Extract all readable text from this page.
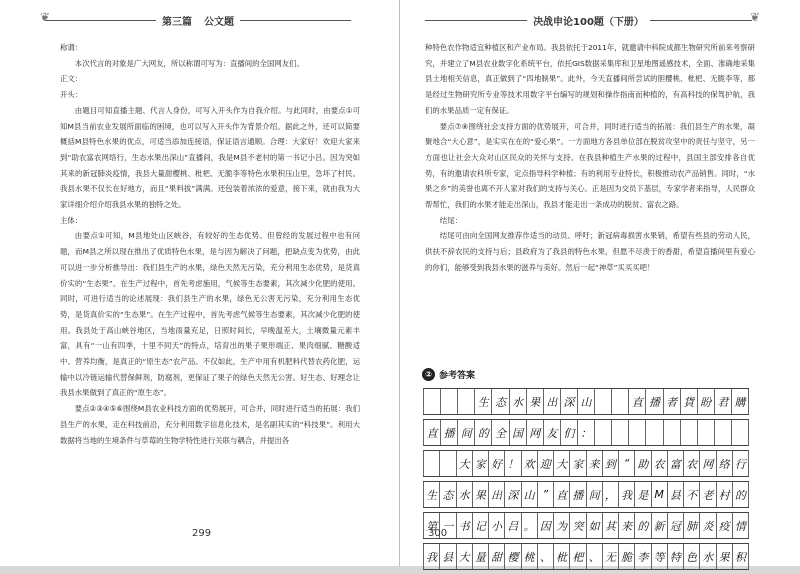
❦	第三篇	公文题

称谓：

本次代言的对象是广大网友，所以称谓可写为：直播间的全国网友们。

正文：

开头：

由题目可知直播主题、代言人身份，可写入开头作为自我介绍。与此同时，由要点①可知M县当前农业发展所面临的困境，也可以写入开头作为背景介绍。据此之外，还可以简要概括M县特色水果的优点，可适当添加连接语，保证语言通顺。合理：大家好！欢迎大家来到“助农富农网络行，生态水果出深山”直播间，我是M县不老村的第一书记小吕。因为突如其来的新冠肺炎疫情，我县大量甜樱桃、枇杷、无脆李等特色水果积压山里，急坏了村民。我县水果不仅长在好地方，而且“果料拔”满满。还包装着浓浓的爱意，接下来，就由我为大家详细介绍介绍我县水果的独特之处。

主体：

由要点①可知，M县地处山区峡谷，有较好的生态优势。但曾经的发展过程中也有问题，而M县之所以现在推出了优质特色水果，是与因为解决了问题，把缺点变为优势，由此可以进一步分析推导出：我们县生产的水果，绿色天然无污染，充分利用生态优势，是货真价实的“生态果”。在生产过程中，首先考虑施用，气候等生态要素，其次减少化肥的使用。同时，可进行适当的论述展现：我们县生产的水果，绿色无公害无污染，充分利用生态优势，是货真价实的“生态果”。在生产过程中，首先考虑气候等生态要素，其次减少化肥的使用。我县处于高山峡谷地区，当地雨量充足，日照时间长，早晚温差大，土壤微量元素丰富，具有“一山有四季，十里不同天”的特点，培育出的果子果形端正、果肉细腻、糖酸适中、营养均衡，是真正的“原生态”农产品。不仅如此，生产中用有机肥料代替农药化肥，运输中以冷链运输代替保鲜剂，防腐剂，更保证了果子的绿色天然无公害。好生态、好理念让我县水果做到了真正的“原生态”。

要点②③④⑤⑥围绕M县农业科技方面的优势展开，可合并，同时进行适当的拓展：我们县生产的水果，走在科技前沿，充分利用数字信息化技术，是名副其实的“科技果”。利用大数据将当地的生境条件与草莓的生物学特性进行关联与耦合，并提出各

299
决战申论100题（下册）	❦

种特色农作物适宜种植区和产业布局。我县依托于2011年，就邀请中科院成都生物研究所前来考察研究，并建立了M县农业数字化系统平台，依托GIS数据采集库和卫星地图遥感技术，全面、准确地采集县土地相关信息，真正做到了“四地制果”。此外，今天直播间所尝试的胆樱桃、枇杷、无脆李等，都是经过生物研究所专业等技术用数字平台编写的规划和操作指南而种植的，有高科技的保驾护航，我们的水果品质一定有保证。

要点⑦⑧围绕社会支持方面的优势展开，可合并，同时进行适当的拓展：我们县生产的水果，凝聚地合“大心意”，是实实在在的“爱心果”。一方面地方各县单位部在脱贫攻坚中的责任与坚守，另一方面也让社会大众对山区民众的关怀与支持。在我县种植生产水果的过程中，县国主部安排各自优势，有的邀请农科所专家，定点指导科学种植；有的利用专业特长，积极推动农产品销售。同时，“水果之乡”的美誉也离不开人家对我们的支持与关心。正是因为交员下基层，专家学者来指导，人民群众帮帮忙，我们的水果才能走出深山，我县才能走出一条成功的脱贫、富农之路。

结尾：

结尾可由向全国网友推荐作适当的动员、呼吁；新冠病毒损害水果销，希望有些县的劳动人民，供扶不辞农民的支持与后；县政府为了我县的特色水果，但愿不尽羡于的香甜，希望直播间里有爱心的你们，能够受到我县水果的滋养与美好。然后一起“神草”买买买吧！

② 参考答案
生 态 水 果 出 深 山	直 播 者 貨 盼 君 購
直 播 间 的 全 国 网 友 们 ：
大 家 好 ！ 欢 迎 大 家 来 到 “ 助 农 富 农 网 络 行
生 态 水 果 出 深 山 ” 直 播 间 ， 我 是 M 县 不 老 村 的
第 一 书 记 小 吕 。 因 为 突 如 其 来 的 新 冠 肺 炎 疫 情
我 县 大 量 甜 樱 桃 、 枇 杷 、 无 脆 李 等 特 色 水 果 积
300
